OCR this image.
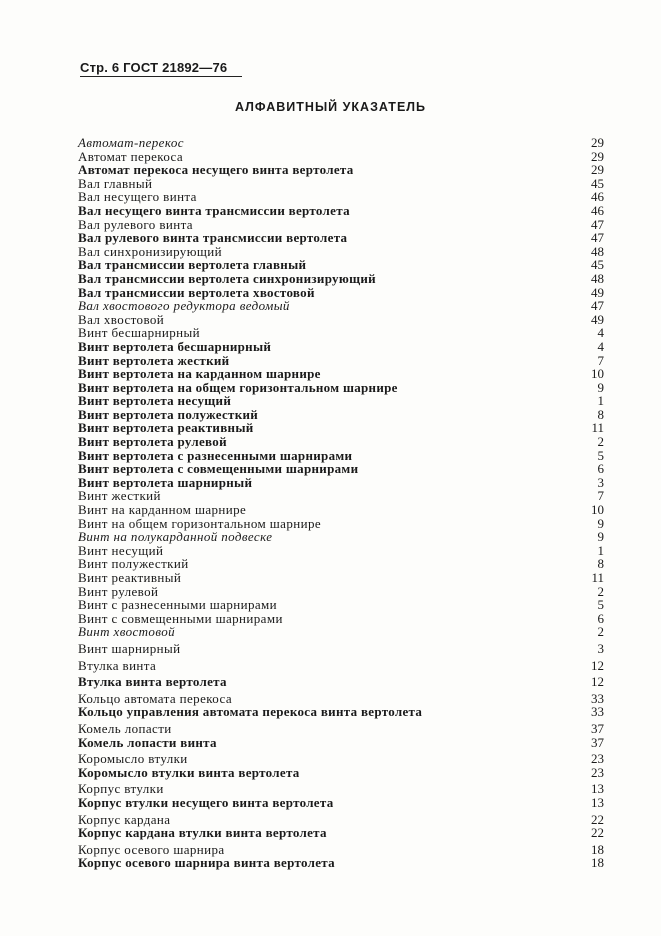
Стр. 6 ГОСТ 21892—76
АЛФАВИТНЫЙ УКАЗАТЕЛЬ
Автомат-перекос	29
Автомат перекоса	29
Автомат перекоса несущего винта вертолета	29
Вал главный	45
Вал несущего винта	46
Вал несущего винта трансмиссии вертолета	46
Вал рулевого винта	47
Вал рулевого винта трансмиссии вертолета	47
Вал синхронизирующий	48
Вал трансмиссии вертолета главный	45
Вал трансмиссии вертолета синхронизирующий	48
Вал трансмиссии вертолета хвостовой	49
Вал хвостового редуктора ведомый	47
Вал хвостовой	49
Винт бесшарнирный	4
Винт вертолета бесшарнирный	4
Винт вертолета жесткий	7
Винт вертолета на карданном шарнире	10
Винт вертолета на общем горизонтальном шарнире	9
Винт вертолета несущий	1
Винт вертолета полужесткий	8
Винт вертолета реактивный	11
Винт вертолета рулевой	2
Винт вертолета с разнесенными шарнирами	5
Винт вертолета с совмещенными шарнирами	6
Винт вертолета шарнирный	3
Винт жесткий	7
Винт на карданном шарнире	10
Винт на общем горизонтальном шарнире	9
Винт на полукарданной подвеске	9
Винт несущий	1
Винт полужесткий	8
Винт реактивный	11
Винт рулевой	2
Винт с разнесенными шарнирами	5
Винт с совмещенными шарнирами	6
Винт хвостовой	2
Винт шарнирный	3
Втулка винта	12
Втулка винта вертолета	12
Кольцо автомата перекоса	33
Кольцо управления автомата перекоса винта вертолета	33
Комель лопасти	37
Комель лопасти винта	37
Коромысло втулки	23
Коромысло втулки винта вертолета	23
Корпус втулки	13
Корпус втулки несущего винта вертолета	13
Корпус кардана	22
Корпус кардана втулки винта вертолета	22
Корпус осевого шарнира	18
Корпус осевого шарнира винта вертолета	18
